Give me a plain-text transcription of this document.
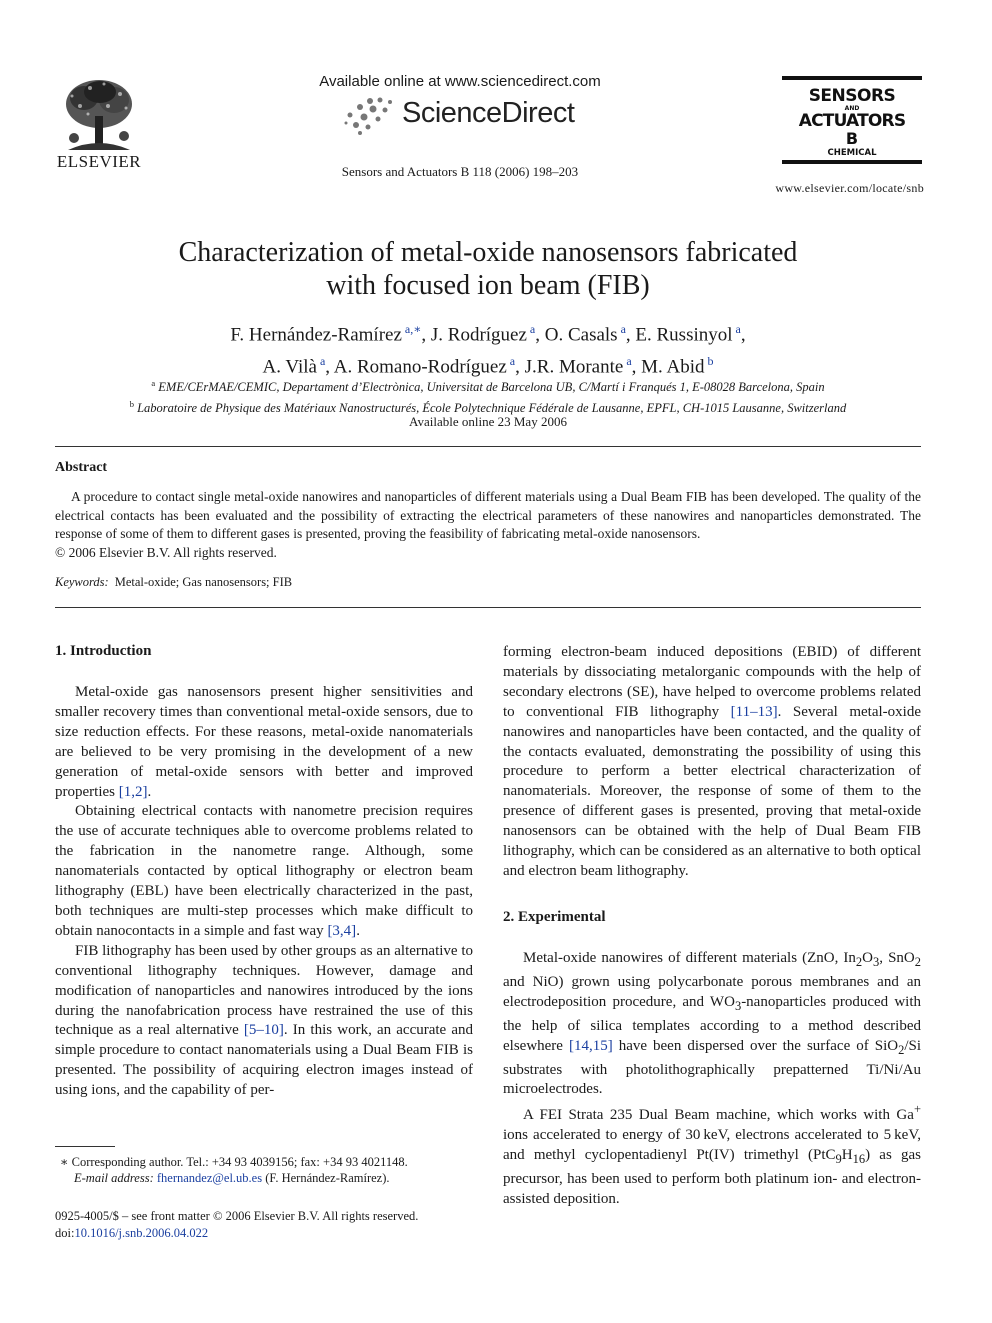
ELSEVIER
Available online at www.sciencedirect.com
ScienceDirect
Sensors and Actuators B 118 (2006) 198–203
SENSORS
AND
ACTUATORS
B
CHEMICAL
www.elsevier.com/locate/snb
Characterization of metal-oxide nanosensors fabricated
with focused ion beam (FIB)
F. Hernández-Ramírez $^{a,∗}$, J. Rodríguez $^a$, O. Casals $^a$, E. Russinyol $^a$,
A. Vilà $^a$, A. Romano-Rodríguez $^a$, J.R. Morante $^a$, M. Abid $^b$
$^a$ EME/CErMAE/CEMIC, Departament d’Electrònica, Universitat de Barcelona UB, C/Martí i Franqués 1, E-08028 Barcelona, Spain
$^b$ Laboratoire de Physique des Matériaux Nanostructurés, École Polytechnique Fédérale de Lausanne, EPFL, CH-1015 Lausanne, Switzerland
Available online 23 May 2006
Abstract

A procedure to contact single metal-oxide nanowires and nanoparticles of different materials using a Dual Beam FIB has been developed. The quality of the electrical contacts has been evaluated and the possibility of extracting the electrical parameters of these nanowires and nanoparticles demonstrated. The response of some of them to different gases is presented, proving the feasibility of fabricating metal-oxide nanosensors.

© 2006 Elsevier B.V. All rights reserved.

Keywords: Metal-oxide; Gas nanosensors; FIB
1. Introduction

Metal-oxide gas nanosensors present higher sensitivities and smaller recovery times than conventional metal-oxide sensors, due to size reduction effects. For these reasons, metal-oxide nanomaterials are believed to be very promising in the development of a new generation of metal-oxide sensors with better and improved properties [1,2].

Obtaining electrical contacts with nanometre precision requires the use of accurate techniques able to overcome problems related to the fabrication in the nanometre range. Although, some nanomaterials contacted by optical lithography or electron beam lithography (EBL) have been electrically characterized in the past, both techniques are multi-step processes which make difficult to obtain nanocontacts in a simple and fast way [3,4].

FIB lithography has been used by other groups as an alternative to conventional lithography techniques. However, damage and modification of nanoparticles and nanowires introduced by the ions during the nanofabrication process have restrained the use of this technique as a real alternative [5–10]. In this work, an accurate and simple procedure to contact nanomaterials using a Dual Beam FIB is presented. The possibility of acquiring electron images instead of using ions, and the capability of per-

forming electron-beam induced depositions (EBID) of different materials by dissociating metalorganic compounds with the help of secondary electrons (SE), have helped to overcome problems related to conventional FIB lithography [11–13]. Several metal-oxide nanowires and nanoparticles have been contacted, and the quality of the contacts evaluated, demonstrating the possibility of using this procedure to perform a better electrical characterization of nanomaterials. Moreover, the response of some of them to the presence of different gases is presented, proving that metal-oxide nanosensors can be obtained with the help of Dual Beam FIB lithography, which can be considered as an alternative to both optical and electron beam lithography.

2. Experimental

Metal-oxide nanowires of different materials (ZnO, $In_2O_3$, SnO$_2$ and NiO) grown using polycarbonate porous membranes and an electrodeposition procedure, and $WO_3$-nanoparticles produced with the help of silica templates according to a method described elsewhere [14,15] have been dispersed over the surface of SiO$_2$/Si substrates with photolithographically prepatterned Ti/Ni/Au microelectrodes.

A FEI Strata 235 Dual Beam machine, which works with Ga+ ions accelerated to energy of 30 keV, electrons accelerated to 5 keV, and methyl cyclopentadienyl Pt(IV) trimethyl $(PtC_9H_{16})$ as gas precursor, has been used to perform both platinum ion- and electron-assisted deposition.

∗ Corresponding author. Tel.: +34 93 4039156; fax: +34 93 4021148.
E-mail address: fhernandez@el.ub.es (F. Hernández-Ramírez).
0925-4005/$ – see front matter © 2006 Elsevier B.V. All rights reserved.
doi:10.1016/j.snb.2006.04.022
